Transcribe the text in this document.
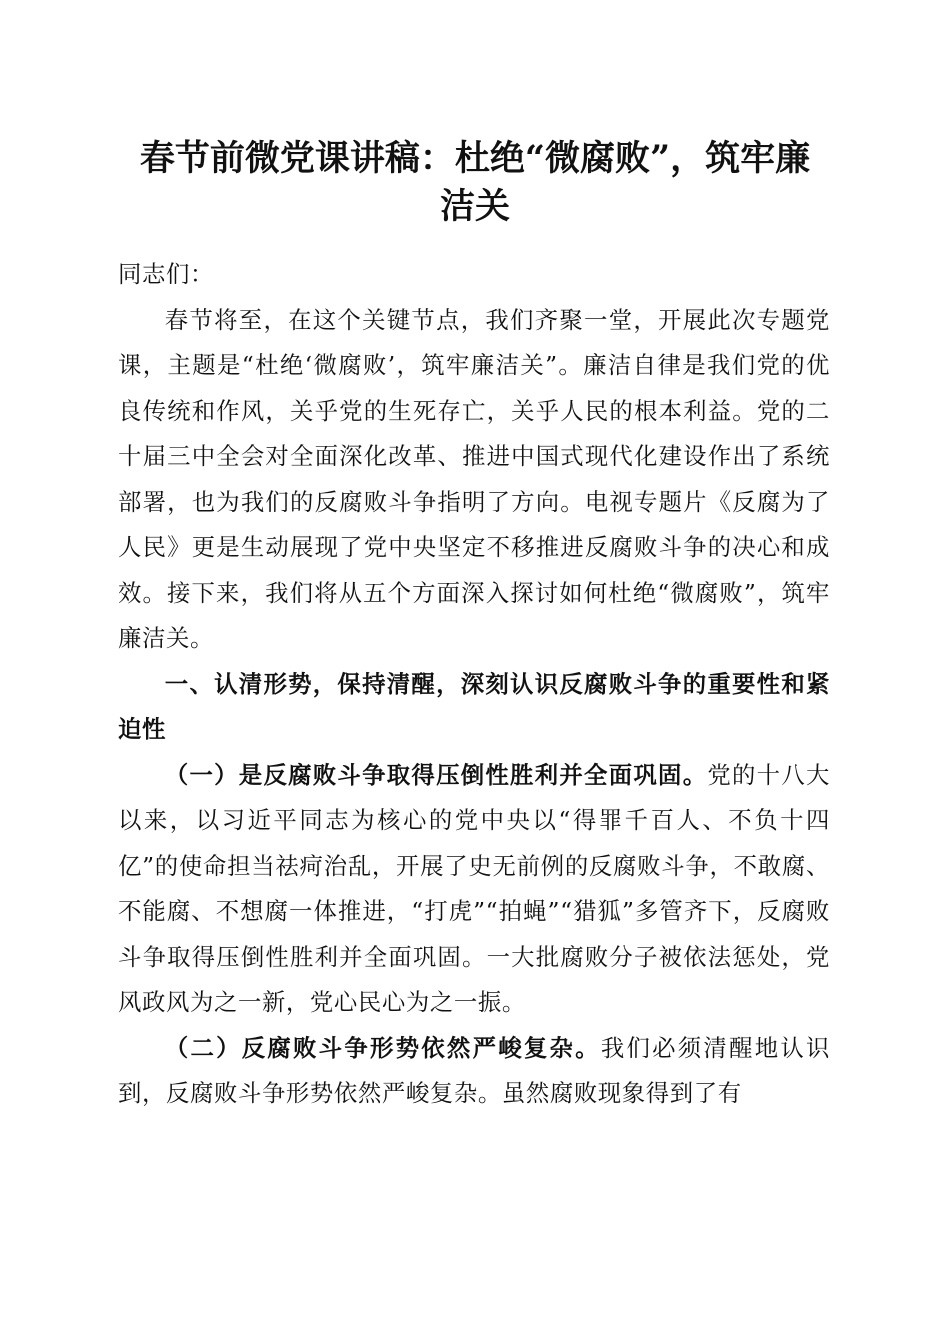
春节前微党课讲稿：杜绝“微腐败”，筑牢廉
洁关

同志们：

春节将至，在这个关键节点，我们齐聚一堂，开展此次专题党课，主题是“杜绝‘微腐败’，筑牢廉洁关”。廉洁自律是我们党的优良传统和作风，关乎党的生死存亡，关乎人民的根本利益。党的二十届三中全会对全面深化改革、推进中国式现代化建设作出了系统部署，也为我们的反腐败斗争指明了方向。电视专题片《反腐为了人民》更是生动展现了党中央坚定不移推进反腐败斗争的决心和成效。接下来，我们将从五个方面深入探讨如何杜绝“微腐败”，筑牢廉洁关。

一、认清形势，保持清醒，深刻认识反腐败斗争的重要性和紧迫性

（一）是反腐败斗争取得压倒性胜利并全面巩固。党的十八大以来，以习近平同志为核心的党中央以“得罪千百人、不负十四亿”的使命担当祛疴治乱，开展了史无前例的反腐败斗争，不敢腐、不能腐、不想腐一体推进，“打虎”“拍蝇”“猎狐”多管齐下，反腐败斗争取得压倒性胜利并全面巩固。一大批腐败分子被依法惩处，党风政风为之一新，党心民心为之一振。

（二）反腐败斗争形势依然严峻复杂。我们必须清醒地认识到，反腐败斗争形势依然严峻复杂。虽然腐败现象得到了有
